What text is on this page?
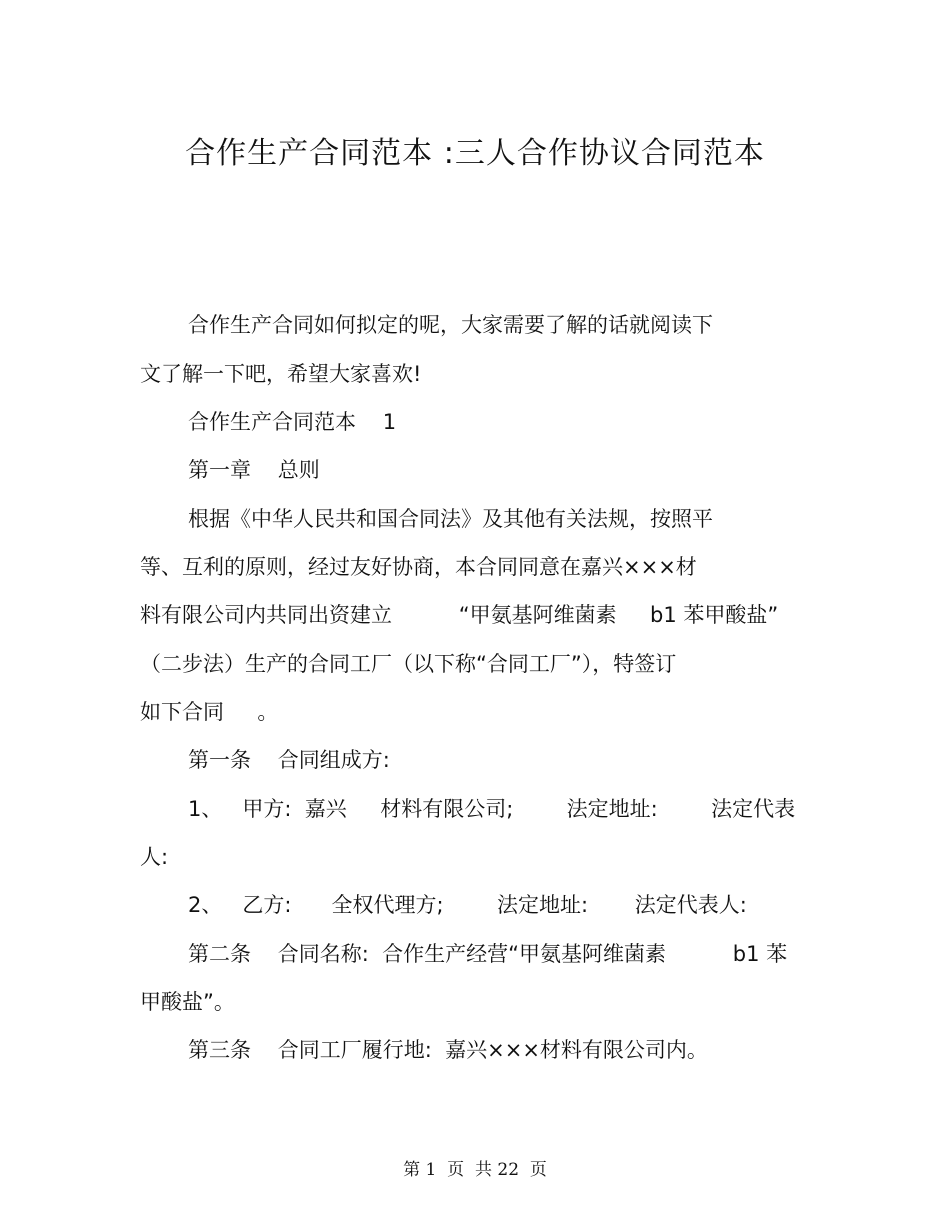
合作生产合同范本 :三人合作协议合同范本
合作生产合同如何拟定的呢，大家需要了解的话就阅读下
文了解一下吧，希望大家喜欢!
合作生产合同范本    1
第一章    总则
根据《中华人民共和国合同法》及其他有关法规，按照平
等、互利的原则，经过友好协商，本合同同意在嘉兴×××材
料有限公司内共同出资建立          “甲氨基阿维菌素     b1 苯甲酸盐”
（二步法）生产的合同工厂（以下称“合同工厂”），特签订
如下合同     。
第一条    合同组成方:
1、   甲方:  嘉兴     材料有限公司;        法定地址:        法定代表
人:
2、   乙方:      全权代理方;        法定地址:       法定代表人:
第二条    合同名称:  合作生产经营“甲氨基阿维菌素          b1 苯
甲酸盐”。
第三条    合同工厂履行地:  嘉兴×××材料有限公司内。
第 1  页  共 22  页
